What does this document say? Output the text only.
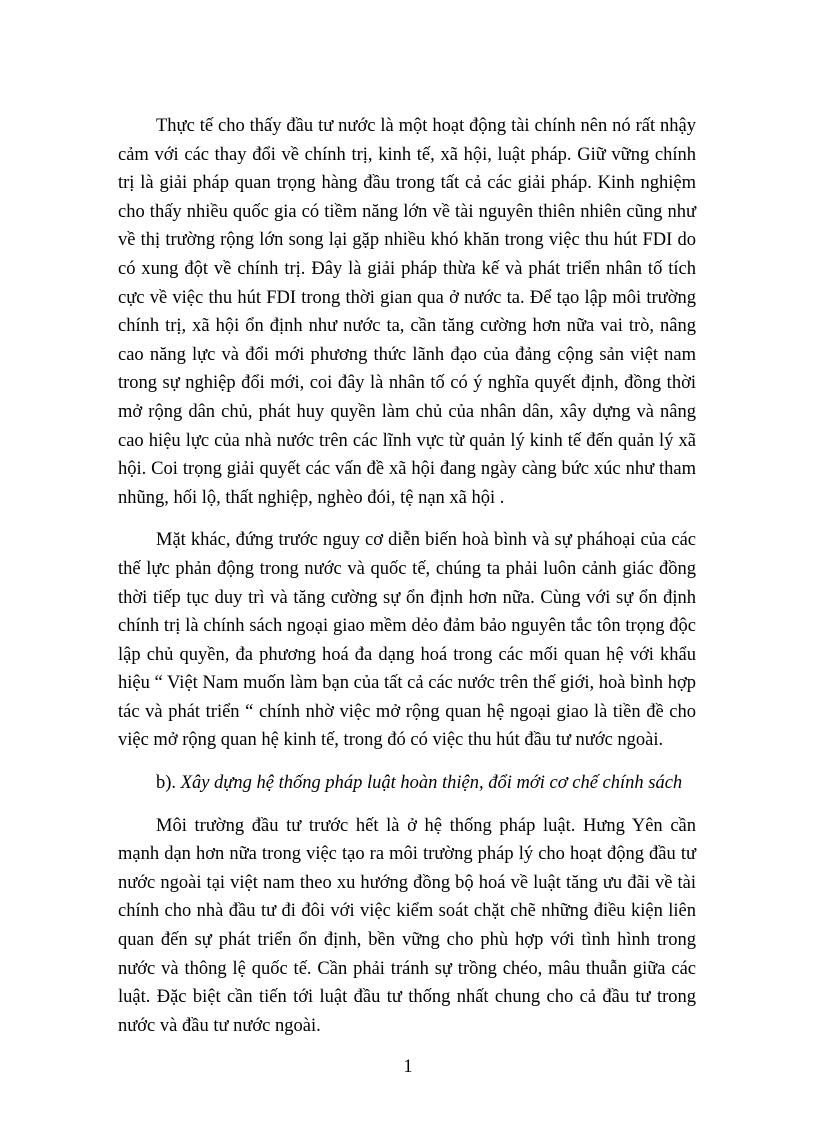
Thực tế cho thấy đầu tư nước là một hoạt động tài chính nên nó rất nhậy cảm với các thay đổi về chính trị, kinh tế, xã hội, luật pháp. Giữ vững chính trị là giải pháp quan trọng hàng đầu trong tất cả các giải pháp. Kinh nghiệm cho thấy nhiều quốc gia có tiềm năng lớn về tài nguyên thiên nhiên cũng như về thị trường rộng lớn song lại gặp nhiều khó khăn trong việc thu hút FDI do có xung đột về chính trị. Đây là giải pháp thừa kế và phát triển nhân tố tích cực về việc thu hút FDI trong thời gian qua ở nước ta. Để tạo lập môi trường chính trị, xã hội ổn định như nước ta, cần tăng cường hơn nữa vai trò, nâng cao năng lực và đổi mới phương thức lãnh đạo của đảng cộng sản việt nam trong sự nghiệp đổi mới, coi đây là nhân tố có ý nghĩa quyết định, đồng thời mở rộng dân chủ, phát huy quyền làm chủ của nhân dân, xây dựng và nâng cao hiệu lực của nhà nước trên các lĩnh vực từ quản lý kinh tế đến quản lý xã hội. Coi trọng giải quyết các vấn đề xã hội đang ngày càng bức xúc như tham nhũng, hối lộ, thất nghiệp, nghèo đói, tệ nạn xã hội .

Mặt khác, đứng trước nguy cơ diễn biến hoà bình và sự pháhoại của các thế lực phản động trong nước và quốc tế, chúng ta phải luôn cảnh giác đồng thời tiếp tục duy trì và tăng cường sự ổn định hơn nữa. Cùng với sự ổn định chính trị là chính sách ngoại giao mềm dẻo đảm bảo nguyên tắc tôn trọng độc lập chủ quyền, đa phương hoá đa dạng hoá trong các mối quan hệ với khẩu hiệu “ Việt Nam muốn làm bạn của tất cả các nước trên thế giới, hoà bình hợp tác và phát triển “ chính nhờ việc mở rộng quan hệ ngoại giao là tiền đề cho việc mở rộng quan hệ kinh tế, trong đó có việc thu hút đầu tư nước ngoài.

b). Xây dựng hệ thống pháp luật hoàn thiện, đổi mới cơ chế chính sách

Môi trường đầu tư trước hết là ở hệ thống pháp luật. Hưng Yên cần mạnh dạn hơn nữa trong việc tạo ra môi trường pháp lý cho hoạt động đầu tư nước ngoài tại việt nam theo xu hướng đồng bộ hoá về luật tăng ưu đãi về tài chính cho nhà đầu tư đi đôi với việc kiểm soát chặt chẽ những điều kiện liên quan đến sự phát triển ổn định, bền vững cho phù hợp với tình hình trong nước và thông lệ quốc tế. Cần phải tránh sự trồng chéo, mâu thuẫn giữa các luật. Đặc biệt cần tiến tới luật đầu tư thống nhất chung cho cả đầu tư trong nước và đầu tư nước ngoài.

1
